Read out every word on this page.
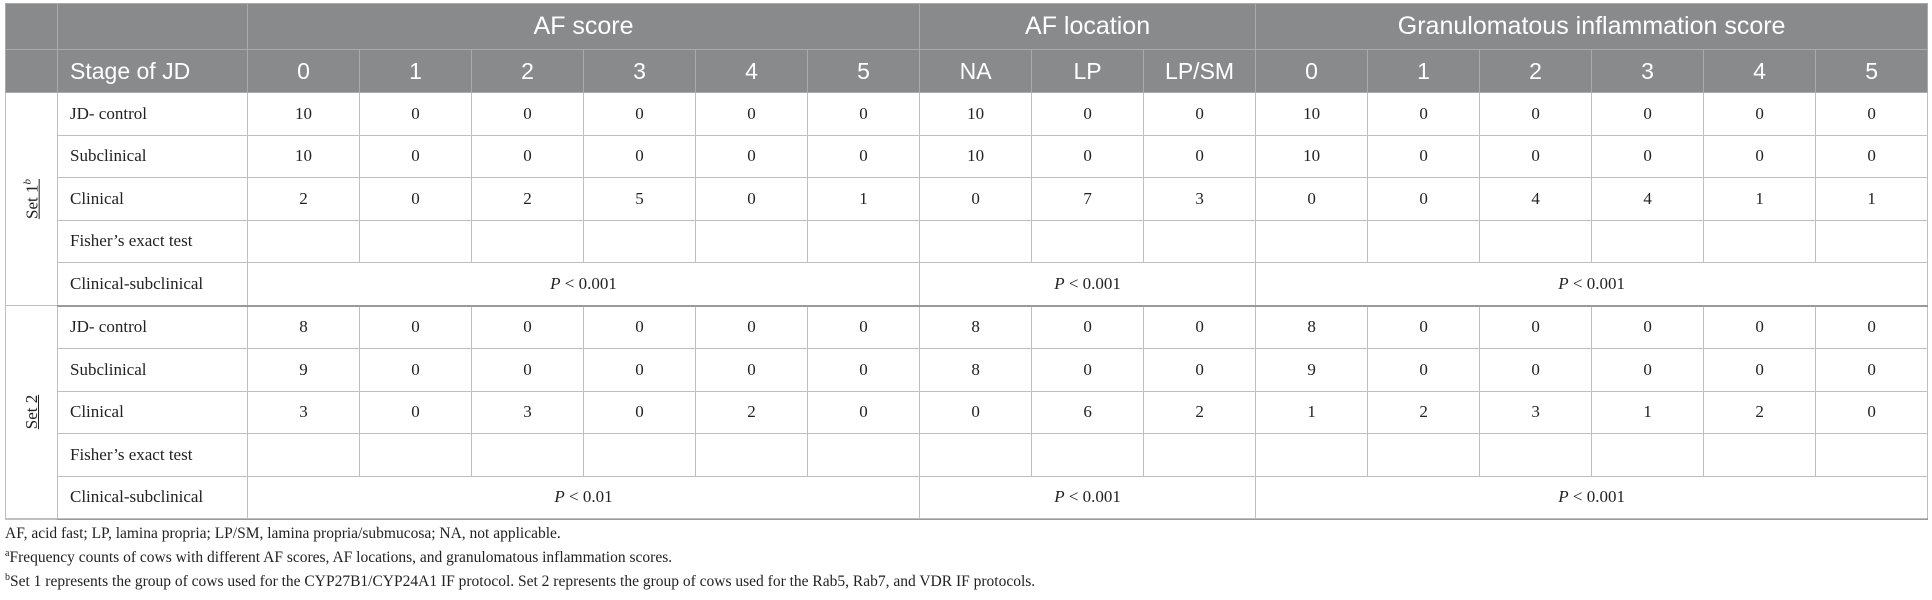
		AF score						AF location			Granulomatous inflammation score					
	Stage of JD	0	1	2	3	4	5	NA	LP	LP/SM	0	1	2	3	4	5

Set 1$^b$	JD- control	10	0	0	0	0	0	10	0	0	10	0	0	0	0	0
	Subclinical	10	0	0	0	0	0	10	0	0	10	0	0	0	0	0
	Clinical	2	0	2	5	0	1	0	7	3	0	0	4	4	1	1
	Fisher’s exact test															
	Clinical-subclinical	P < 0.001						P < 0.001			P < 0.001					

Set 2	JD- control	8	0	0	0	0	0	8	0	0	8	0	0	0	0	0
	Subclinical	9	0	0	0	0	0	8	0	0	9	0	0	0	0	0
	Clinical	3	0	3	0	2	0	0	6	2	1	2	3	1	2	0
	Fisher’s exact test															
	Clinical-subclinical	P < 0.01						P < 0.001			P < 0.001					

AF, acid fast; LP, lamina propria; LP/SM, lamina propria/submucosa; NA, not applicable.

$^a$Frequency counts of cows with different AF scores, AF locations, and granulomatous inflammation scores.

$^b$Set 1 represents the group of cows used for the CYP27B1/CYP24A1 IF protocol. Set 2 represents the group of cows used for the Rab5, Rab7, and VDR IF protocols.
